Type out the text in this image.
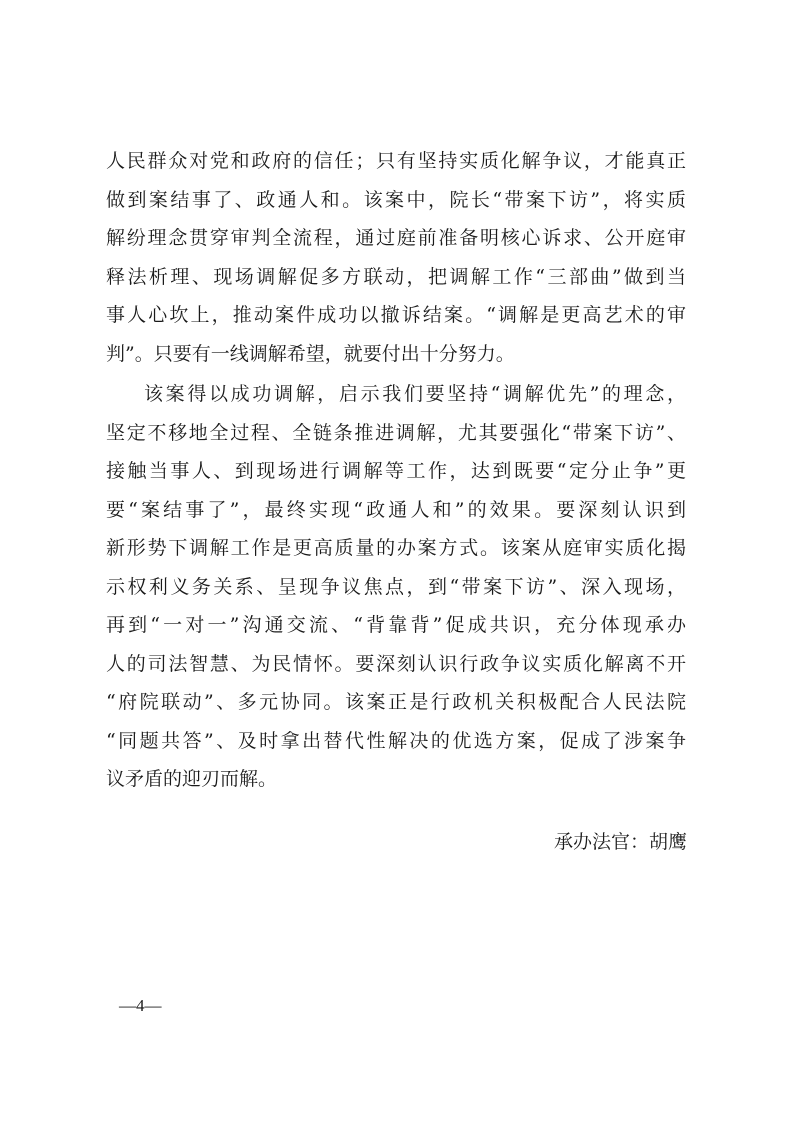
人民群众对党和政府的信任；只有坚持实质化解争议，才能真正
做到案结事了、政通人和。该案中，院长“带案下访”，将实质
解纷理念贯穿审判全流程，通过庭前准备明核心诉求、公开庭审
释法析理、现场调解促多方联动，把调解工作“三部曲”做到当
事人心坎上，推动案件成功以撤诉结案。“调解是更高艺术的审
判”。只要有一线调解希望，就要付出十分努力。
该案得以成功调解，启示我们要坚持“调解优先”的理念，
坚定不移地全过程、全链条推进调解，尤其要强化“带案下访”、
接触当事人、到现场进行调解等工作，达到既要“定分止争”更
要“案结事了”，最终实现“政通人和”的效果。要深刻认识到
新形势下调解工作是更高质量的办案方式。该案从庭审实质化揭
示权利义务关系、呈现争议焦点，到“带案下访”、深入现场，
再到“一对一”沟通交流、“背靠背”促成共识，充分体现承办
人的司法智慧、为民情怀。要深刻认识行政争议实质化解离不开
“府院联动”、多元协同。该案正是行政机关积极配合人民法院
“同题共答”、及时拿出替代性解决的优选方案，促成了涉案争
议矛盾的迎刃而解。
承办法官：胡鹰
—4—
